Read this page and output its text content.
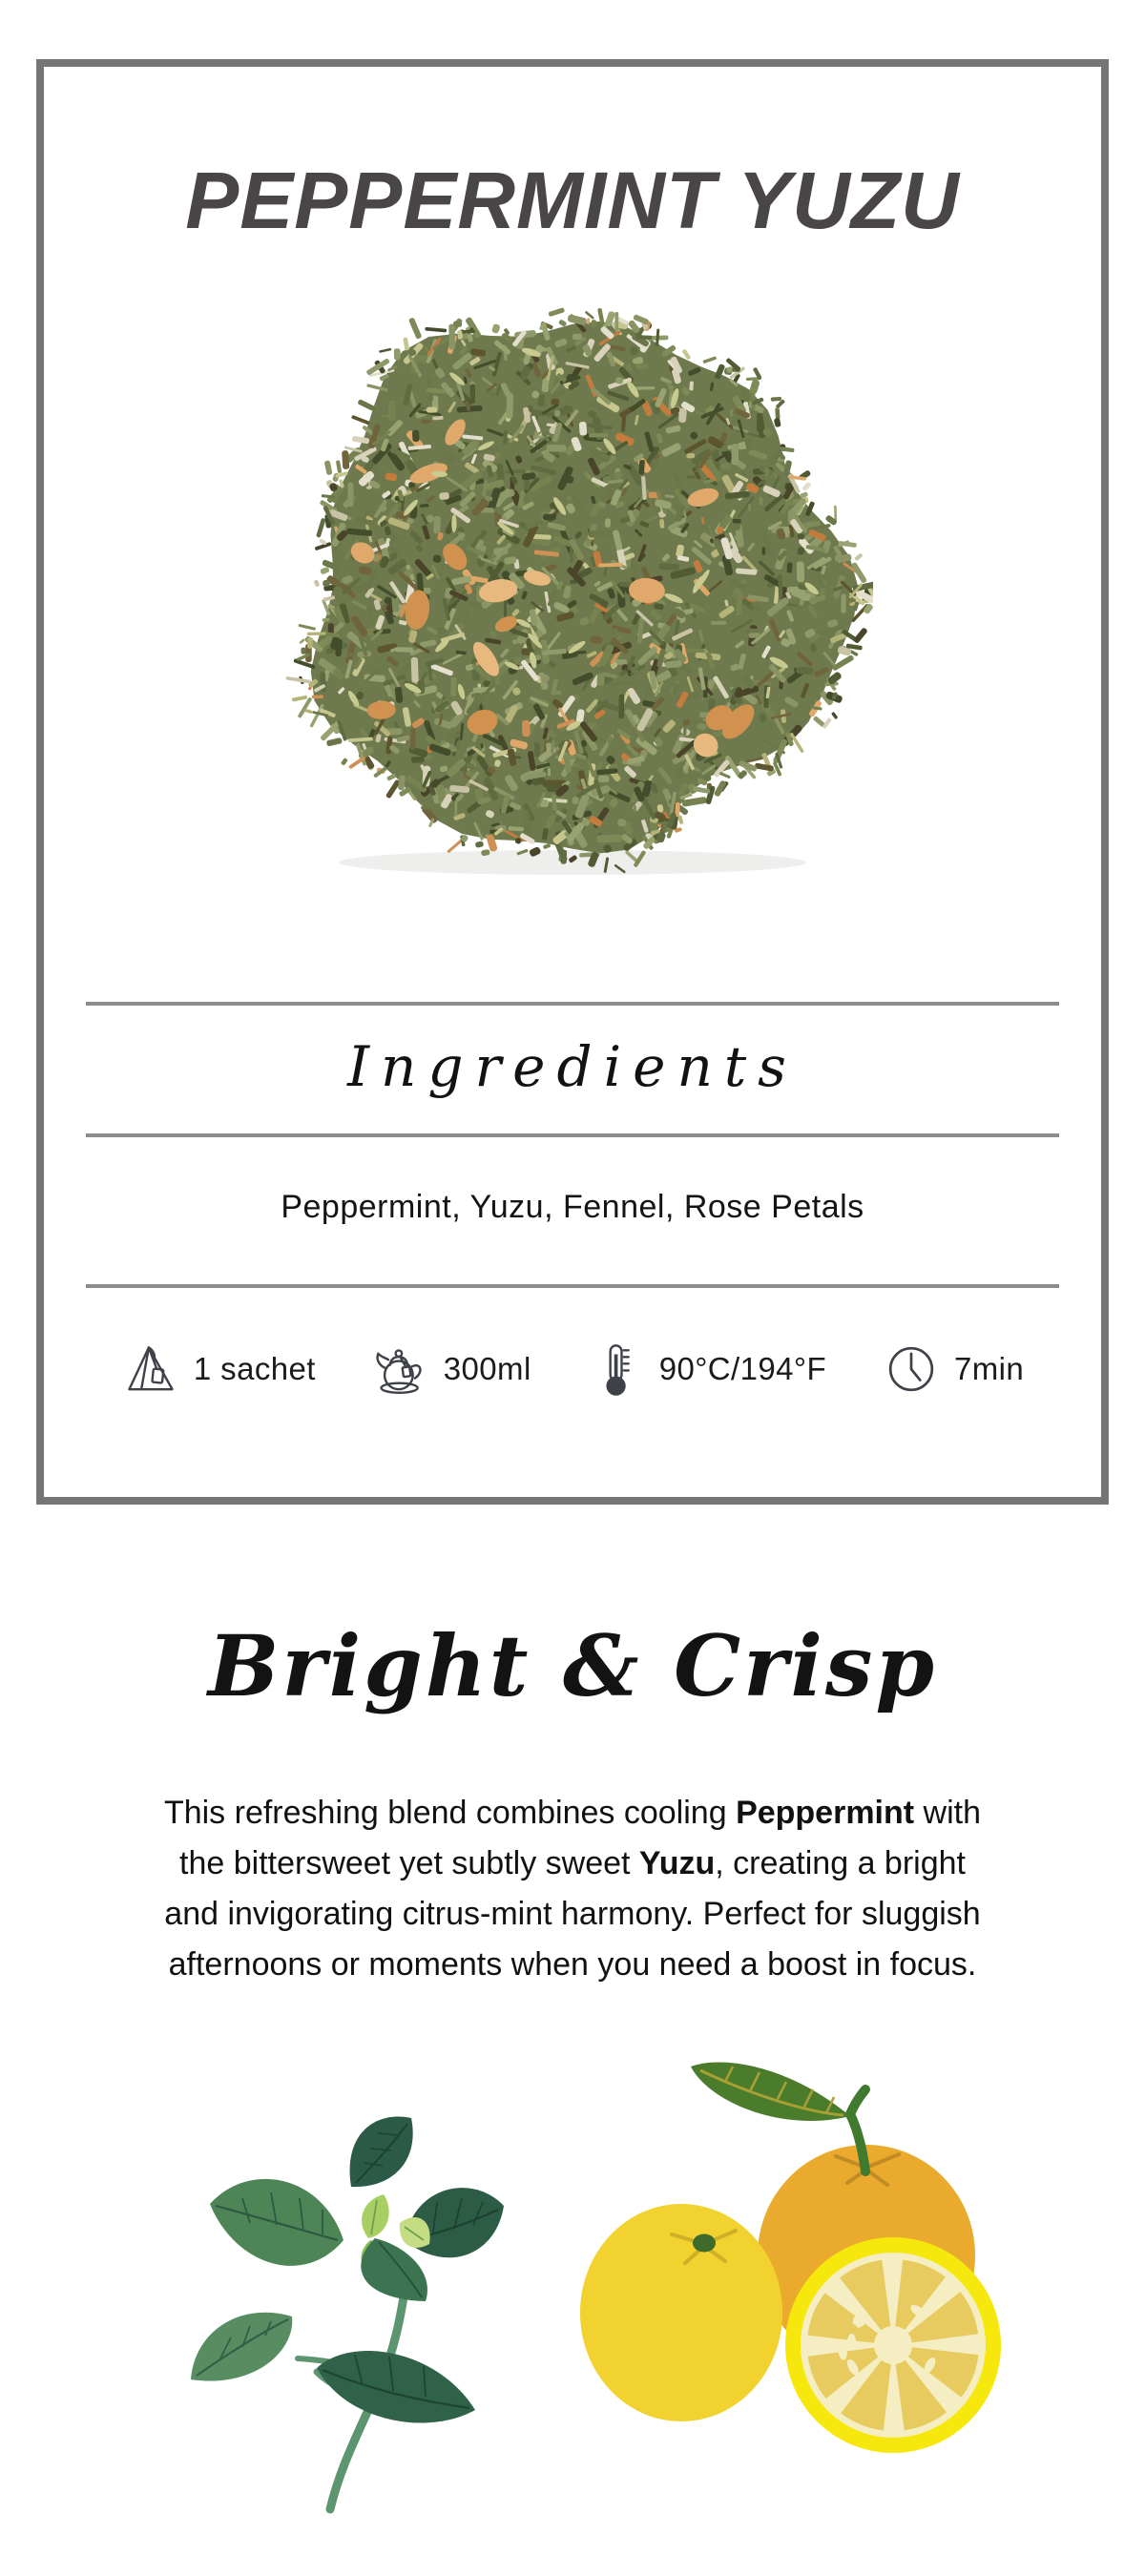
PEPPERMINT YUZU
Ingredients

Peppermint, Yuzu, Fennel, Rose Petals

1 sachet	300ml	90°C/194°F	7min
Bright & Crisp
This refreshing blend combines cooling Peppermint with
the bittersweet yet subtly sweet Yuzu, creating a bright
and invigorating citrus-mint harmony. Perfect for sluggish
afternoons or moments when you need a boost in focus.
